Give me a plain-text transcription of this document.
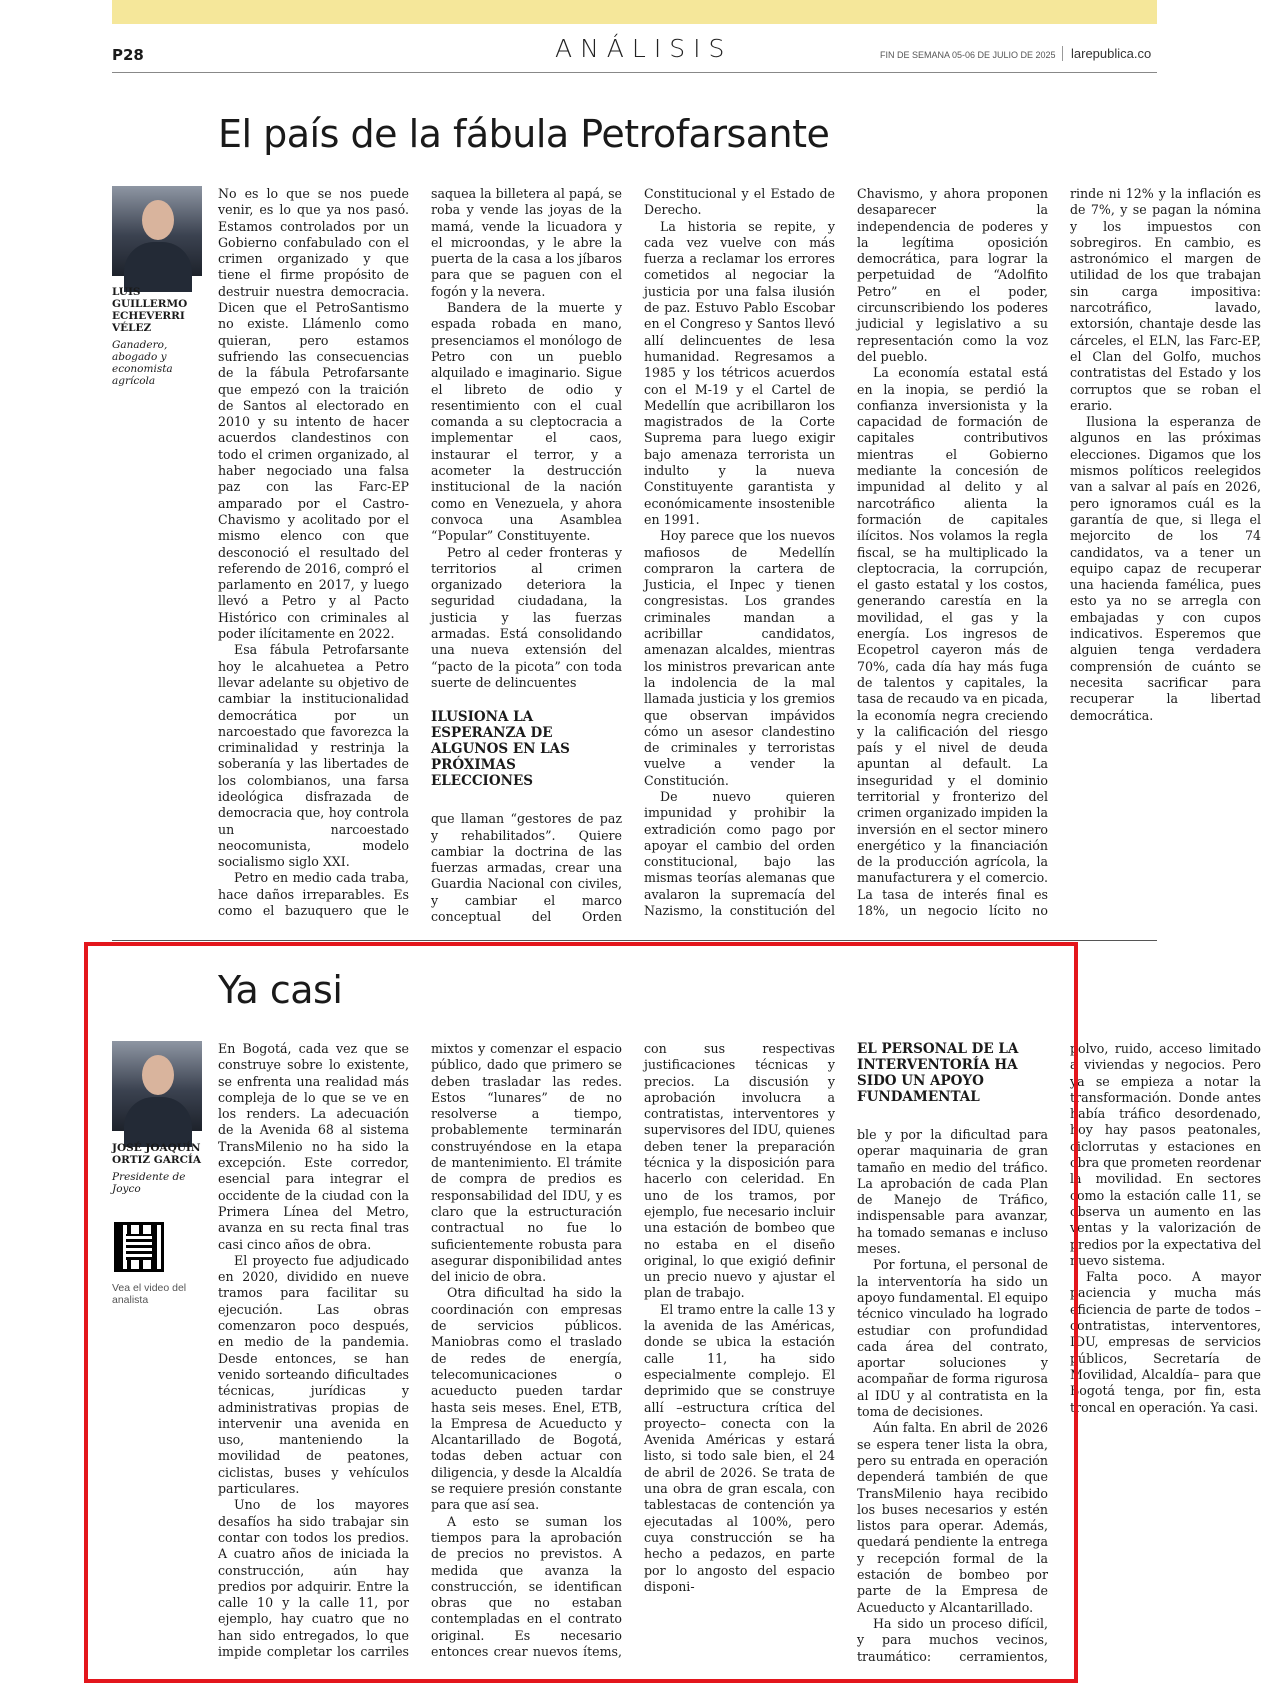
P28	ANÁLISIS	FIN DE SEMANA 05-06 DE JULIO DE 2025	larepublica.co
El país de la fábula Petrofarsante
LUIS GUILLERMO ECHEVERRI VÉLEZ
Ganadero, abogado y economista agrícola

No es lo que se nos puede venir, es lo que ya nos pasó. Estamos controlados por un Gobierno confabulado con el crimen organizado y que tiene el firme propósito de destruir nuestra democracia. Dicen que el PetroSantismo no existe. Llámenlo como quieran, pero estamos sufriendo las consecuencias de la fábula Petrofarsante que empezó con la traición de Santos al electorado en 2010 y su intento de hacer acuerdos clandestinos con todo el crimen organizado, al haber negociado una falsa paz con las Farc-EP amparado por el Castro-Chavismo y acolitado por el mismo elenco con que desconoció el resultado del referendo de 2016, compró el parlamento en 2017, y luego llevó a Petro y al Pacto Histórico con criminales al poder ilícitamente en 2022.

Esa fábula Petrofarsante hoy le alcahuetea a Petro llevar adelante su objetivo de cambiar la institucionalidad democrática por un narcoestado que favorezca la criminalidad y restrinja la soberanía y las libertades de los colombianos, una farsa ideológica disfrazada de democracia que, hoy controla un narcoestado neocomunista, modelo socialismo siglo XXI.

Petro en medio cada traba, hace daños irreparables. Es como el bazuquero que le saquea la billetera al papá, se roba y vende las joyas de la mamá, vende la licuadora y el microondas, y le abre la puerta de la casa a los jíbaros para que se paguen con el fogón y la nevera.

Bandera de la muerte y espada robada en mano, presenciamos el monólogo de Petro con un pueblo alquilado e imaginario. Sigue el libreto de odio y resentimiento con el cual comanda a su cleptocracia a implementar el caos, instaurar el terror, y a acometer la destrucción institucional de la nación como en Venezuela, y ahora convoca una Asamblea “Popular” Constituyente.

Petro al ceder fronteras y territorios al crimen organizado deteriora la seguridad ciudadana, la justicia y las fuerzas armadas. Está consolidando una nueva extensión del “pacto de la picota” con toda suerte de delincuentes

ILUSIONA LA ESPERANZA DE ALGUNOS EN LAS PRÓXIMAS ELECCIONES

que llaman “gestores de paz y rehabilitados”. Quiere cambiar la doctrina de las fuerzas armadas, crear una Guardia Nacional con civiles, y cambiar el marco conceptual del Orden Constitucional y el Estado de Derecho.

La historia se repite, y cada vez vuelve con más fuerza a reclamar los errores cometidos al negociar la justicia por una falsa ilusión de paz. Estuvo Pablo Escobar en el Congreso y Santos llevó allí delincuentes de lesa humanidad. Regresamos a 1985 y los tétricos acuerdos con el M-19 y el Cartel de Medellín que acribillaron los magistrados de la Corte Suprema para luego exigir bajo amenaza terrorista un indulto y la nueva Constituyente garantista y económicamente insostenible en 1991.

Hoy parece que los nuevos mafiosos de Medellín compraron la cartera de Justicia, el Inpec y tienen congresistas. Los grandes criminales mandan a acribillar candidatos, amenazan alcaldes, mientras los ministros prevarican ante la indolencia de la mal llamada justicia y los gremios que observan impávidos cómo un asesor clandestino de criminales y terroristas vuelve a vender la Constitución.

De nuevo quieren impunidad y prohibir la extradición como pago por apoyar el cambio del orden constitucional, bajo las mismas teorías alemanas que avalaron la supremacía del Nazismo, la constitución del Chavismo, y ahora proponen desaparecer la independencia de poderes y la legítima oposición democrática, para lograr la perpetuidad de “Adolfito Petro” en el poder, circunscribiendo los poderes judicial y legislativo a su representación como la voz del pueblo.

La economía estatal está en la inopia, se perdió la confianza inversionista y la capacidad de formación de capitales contributivos mientras el Gobierno mediante la concesión de impunidad al delito y al narcotráfico alienta la formación de capitales ilícitos. Nos volamos la regla fiscal, se ha multiplicado la cleptocracia, la corrupción, el gasto estatal y los costos, generando carestía en la movilidad, el gas y la energía. Los ingresos de Ecopetrol cayeron más de 70%, cada día hay más fuga de talentos y capitales, la tasa de recaudo va en picada, la economía negra creciendo y la calificación del riesgo país y el nivel de deuda apuntan al default. La inseguridad y el dominio territorial y fronterizo del crimen organizado impiden la inversión en el sector minero energético y la financiación de la producción agrícola, la manufacturera y el comercio. La tasa de interés final es 18%, un negocio lícito no rinde ni 12% y la inflación es de 7%, y se pagan la nómina y los impuestos con sobregiros. En cambio, es astronómico el margen de utilidad de los que trabajan sin carga impositiva: narcotráfico, lavado, extorsión, chantaje desde las cárceles, el ELN, las Farc-EP, el Clan del Golfo, muchos contratistas del Estado y los corruptos que se roban el erario.

Ilusiona la esperanza de algunos en las próximas elecciones. Digamos que los mismos políticos reelegidos van a salvar al país en 2026, pero ignoramos cuál es la garantía de que, si llega el mejorcito de los 74 candidatos, va a tener un equipo capaz de recuperar una hacienda famélica, pues esto ya no se arregla con embajadas y con cupos indicativos. Esperemos que alguien tenga verdadera comprensión de cuánto se necesita sacrificar para recuperar la libertad democrática.

Ya casi
JOSÉ JOAQUÍN ORTIZ GARCÍA
Presidente de Joyco
Vea el video del analista

En Bogotá, cada vez que se construye sobre lo existente, se enfrenta una realidad más compleja de lo que se ve en los renders. La adecuación de la Avenida 68 al sistema TransMilenio no ha sido la excepción. Este corredor, esencial para integrar el occidente de la ciudad con la Primera Línea del Metro, avanza en su recta final tras casi cinco años de obra.

El proyecto fue adjudicado en 2020, dividido en nueve tramos para facilitar su ejecución. Las obras comenzaron poco después, en medio de la pandemia. Desde entonces, se han venido sorteando dificultades técnicas, jurídicas y administrativas propias de intervenir una avenida en uso, manteniendo la movilidad de peatones, ciclistas, buses y vehículos particulares.

Uno de los mayores desafíos ha sido trabajar sin contar con todos los predios. A cuatro años de iniciada la construcción, aún hay predios por adquirir. Entre la calle 10 y la calle 11, por ejemplo, hay cuatro que no han sido entregados, lo que impide completar los carriles mixtos y comenzar el espacio público, dado que primero se deben trasladar las redes. Estos “lunares” de no resolverse a tiempo, probablemente terminarán construyéndose en la etapa de mantenimiento. El trámite de compra de predios es responsabilidad del IDU, y es claro que la estructuración contractual no fue lo suficientemente robusta para asegurar disponibilidad antes del inicio de obra.

Otra dificultad ha sido la coordinación con empresas de servicios públicos. Maniobras como el traslado de redes de energía, telecomunicaciones o acueducto pueden tardar hasta seis meses. Enel, ETB, la Empresa de Acueducto y Alcantarillado de Bogotá, todas deben actuar con diligencia, y desde la Alcaldía se requiere presión constante para que así sea.

A esto se suman los tiempos para la aprobación de precios no previstos. A medida que avanza la construcción, se identifican obras que no estaban contempladas en el contrato original. Es necesario entonces crear nuevos ítems, con sus respectivas justificaciones técnicas y precios. La discusión y aprobación involucra a contratistas, interventores y supervisores del IDU, quienes deben tener la preparación técnica y la disposición para hacerlo con celeridad. En uno de los tramos, por ejemplo, fue necesario incluir una estación de bombeo que no estaba en el diseño original, lo que exigió definir un precio nuevo y ajustar el plan de trabajo.

El tramo entre la calle 13 y la avenida de las Américas, donde se ubica la estación calle 11, ha sido especialmente complejo. El deprimido que se construye allí –estructura crítica del proyecto– conecta con la Avenida Américas y estará listo, si todo sale bien, el 24 de abril de 2026. Se trata de una obra de gran escala, con tablestacas de contención ya ejecutadas al 100%, pero cuya construcción se ha hecho a pedazos, en parte por lo angosto del espacio disponi-

EL PERSONAL DE LA INTERVENTORÍA HA SIDO UN APOYO FUNDAMENTAL

ble y por la dificultad para operar maquinaria de gran tamaño en medio del tráfico. La aprobación de cada Plan de Manejo de Tráfico, indispensable para avanzar, ha tomado semanas e incluso meses.

Por fortuna, el personal de la interventoría ha sido un apoyo fundamental. El equipo técnico vinculado ha logrado estudiar con profundidad cada área del contrato, aportar soluciones y acompañar de forma rigurosa al IDU y al contratista en la toma de decisiones.

Aún falta. En abril de 2026 se espera tener lista la obra, pero su entrada en operación dependerá también de que TransMilenio haya recibido los buses necesarios y estén listos para operar. Además, quedará pendiente la entrega y recepción formal de la estación de bombeo por parte de la Empresa de Acueducto y Alcantarillado.

Ha sido un proceso difícil, y para muchos vecinos, traumático: cerramientos, polvo, ruido, acceso limitado a viviendas y negocios. Pero ya se empieza a notar la transformación. Donde antes había tráfico desordenado, hoy hay pasos peatonales, ciclorrutas y estaciones en obra que prometen reordenar la movilidad. En sectores como la estación calle 11, se observa un aumento en las ventas y la valorización de predios por la expectativa del nuevo sistema.

Falta poco. A mayor paciencia y mucha más eficiencia de parte de todos –contratistas, interventores, IDU, empresas de servicios públicos, Secretaría de Movilidad, Alcaldía– para que Bogotá tenga, por fin, esta troncal en operación. Ya casi.
